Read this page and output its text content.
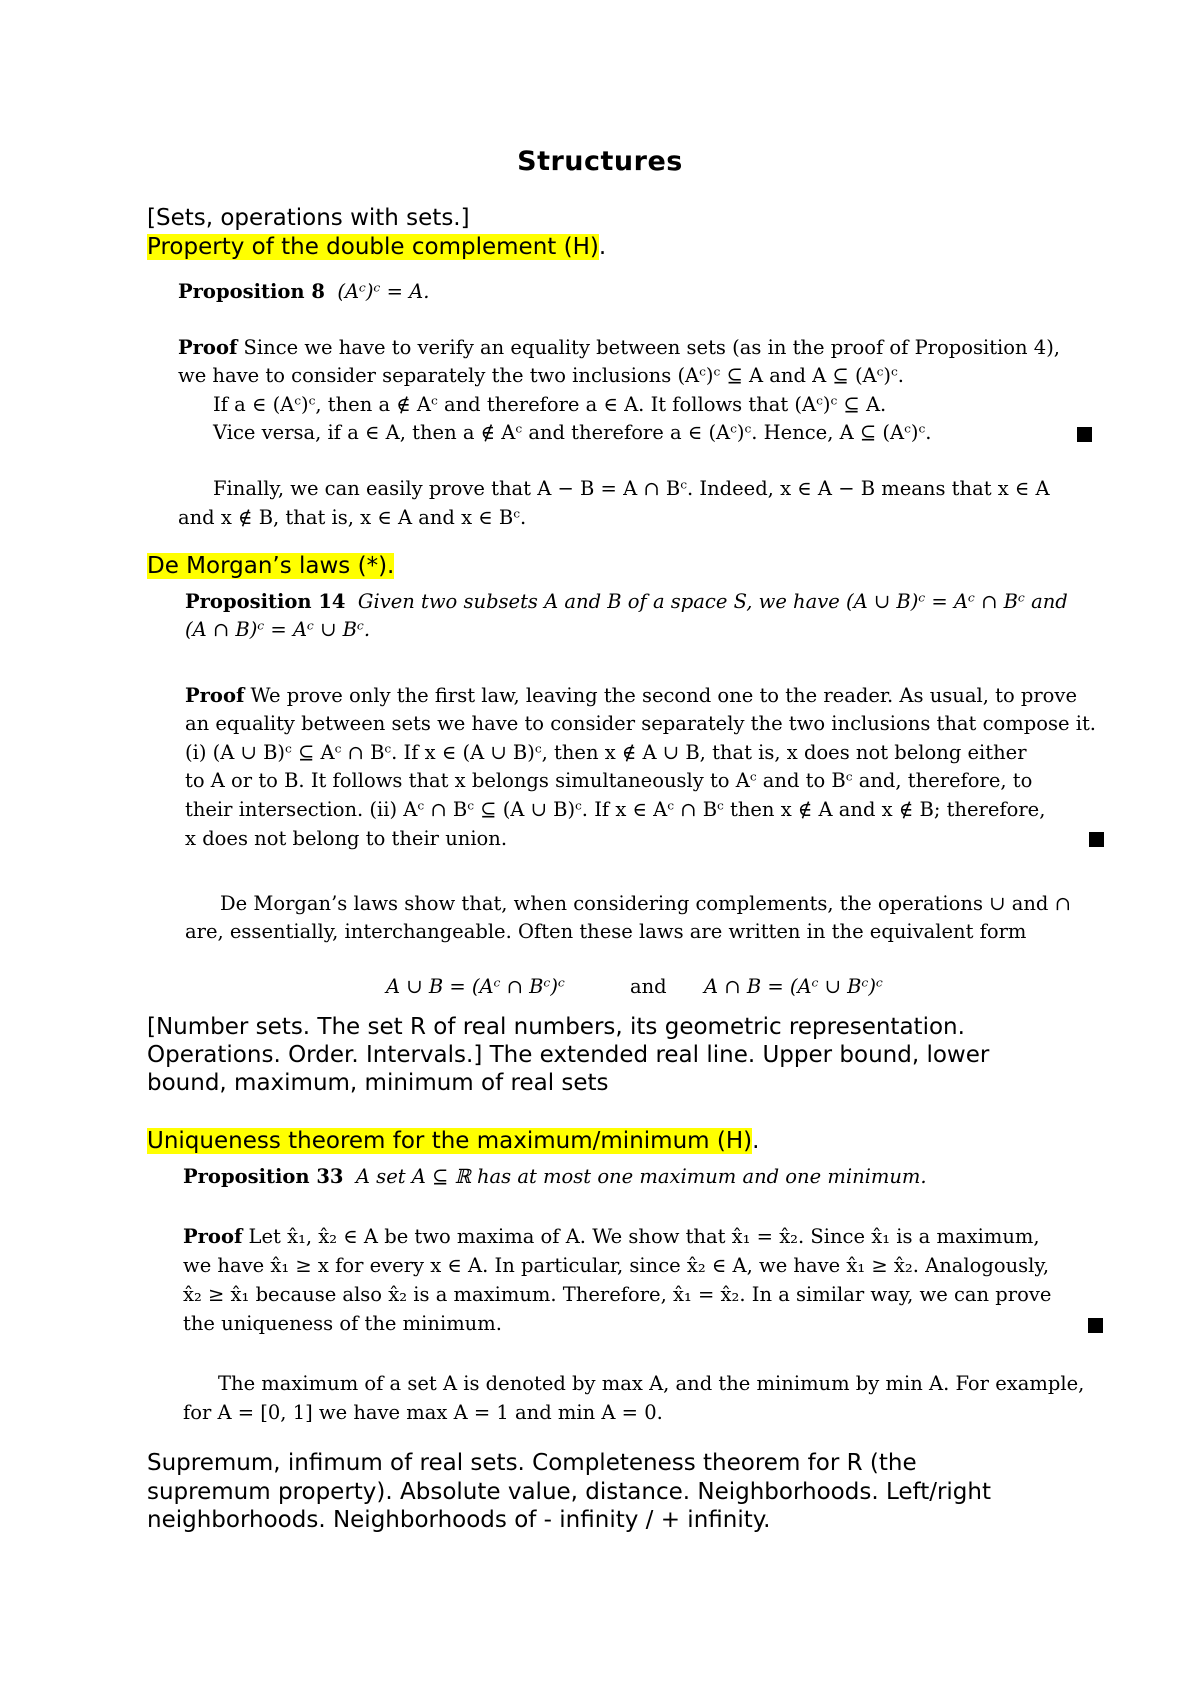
Structures
[Sets, operations with sets.]
Property of the double complement (H).
Proposition 8 (Aᶜ)ᶜ = A.
Proof Since we have to verify an equality between sets (as in the proof of Proposition 4),
we have to consider separately the two inclusions (Aᶜ)ᶜ ⊆ A and A ⊆ (Aᶜ)ᶜ.
If a ∈ (Aᶜ)ᶜ, then a ∉ Aᶜ and therefore a ∈ A. It follows that (Aᶜ)ᶜ ⊆ A.
Vice versa, if a ∈ A, then a ∉ Aᶜ and therefore a ∈ (Aᶜ)ᶜ. Hence, A ⊆ (Aᶜ)ᶜ.
Finally, we can easily prove that A − B = A ∩ Bᶜ. Indeed, x ∈ A − B means that x ∈ A
and x ∉ B, that is, x ∈ A and x ∈ Bᶜ.
De Morgan’s laws (*).
Proposition 14 Given two subsets A and B of a space S, we have (A ∪ B)ᶜ = Aᶜ ∩ Bᶜ and
(A ∩ B)ᶜ = Aᶜ ∪ Bᶜ.
Proof We prove only the first law, leaving the second one to the reader. As usual, to prove
an equality between sets we have to consider separately the two inclusions that compose it.
(i) (A ∪ B)ᶜ ⊆ Aᶜ ∩ Bᶜ. If x ∈ (A ∪ B)ᶜ, then x ∉ A ∪ B, that is, x does not belong either
to A or to B. It follows that x belongs simultaneously to Aᶜ and to Bᶜ and, therefore, to
their intersection. (ii) Aᶜ ∩ Bᶜ ⊆ (A ∪ B)ᶜ. If x ∈ Aᶜ ∩ Bᶜ then x ∉ A and x ∉ B; therefore,
x does not belong to their union.
De Morgan’s laws show that, when considering complements, the operations ∪ and ∩
are, essentially, interchangeable. Often these laws are written in the equivalent form
A ∪ B = (Aᶜ ∩ Bᶜ)ᶜ	and A ∩ B = (Aᶜ ∪ Bᶜ)ᶜ
[Number sets. The set R of real numbers, its geometric representation.
Operations. Order. Intervals.] The extended real line. Upper bound, lower
bound, maximum, minimum of real sets
Uniqueness theorem for the maximum/minimum (H).
Proposition 33 A set A ⊆ ℝ has at most one maximum and one minimum.
Proof Let x̂₁, x̂₂ ∈ A be two maxima of A. We show that x̂₁ = x̂₂. Since x̂₁ is a maximum,
we have x̂₁ ≥ x for every x ∈ A. In particular, since x̂₂ ∈ A, we have x̂₁ ≥ x̂₂. Analogously,
x̂₂ ≥ x̂₁ because also x̂₂ is a maximum. Therefore, x̂₁ = x̂₂. In a similar way, we can prove
the uniqueness of the minimum.
The maximum of a set A is denoted by max A, and the minimum by min A. For example,
for A = [0, 1] we have max A = 1 and min A = 0.
Supremum, infimum of real sets. Completeness theorem for R (the
supremum property). Absolute value, distance. Neighborhoods. Left/right
neighborhoods. Neighborhoods of - infinity / + infinity.
